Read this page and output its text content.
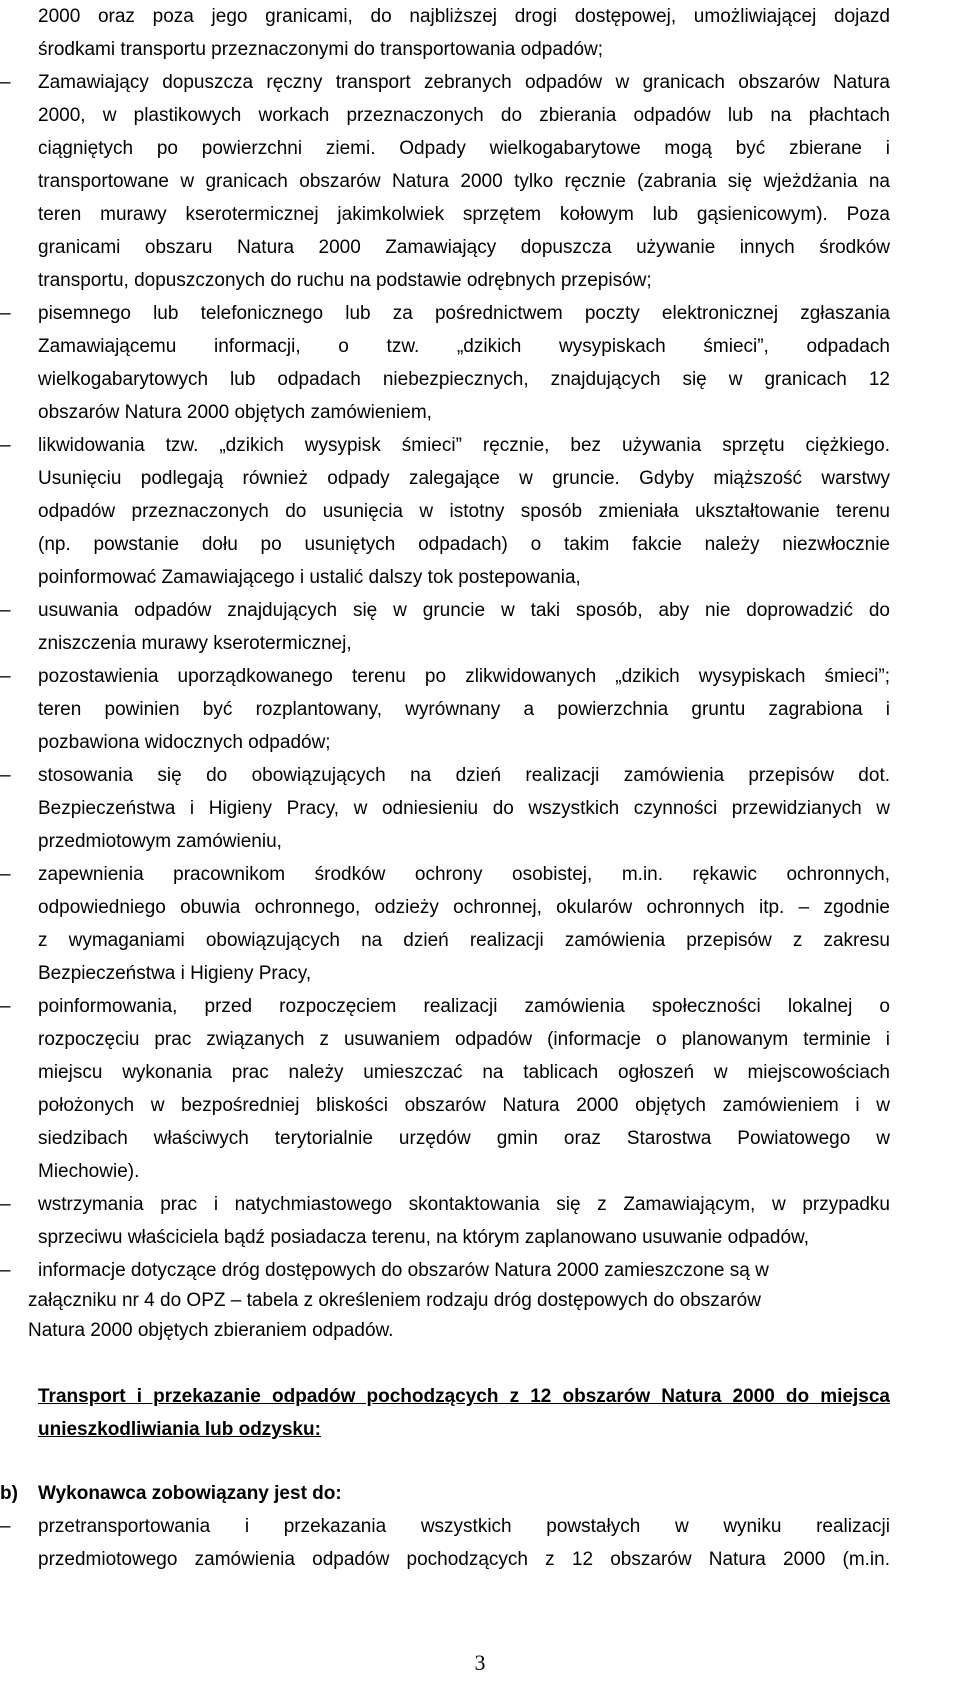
2000 oraz poza jego granicami, do najbliższej drogi dostępowej, umożliwiającej dojazd
środkami transportu przeznaczonymi do transportowania odpadów;
– Zamawiający dopuszcza ręczny transport zebranych odpadów w granicach obszarów Natura
2000, w plastikowych workach przeznaczonych do zbierania odpadów lub na płachtach
ciągniętych po powierzchni ziemi. Odpady wielkogabarytowe mogą być zbierane i
transportowane w granicach obszarów Natura 2000 tylko ręcznie (zabrania się wjeżdżania na
teren murawy kserotermicznej jakimkolwiek sprzętem kołowym lub gąsienicowym). Poza
granicami obszaru Natura 2000 Zamawiający dopuszcza używanie innych środków
transportu, dopuszczonych do ruchu na podstawie odrębnych przepisów;
– pisemnego lub telefonicznego lub za pośrednictwem poczty elektronicznej zgłaszania
Zamawiającemu informacji, o tzw. „dzikich wysypiskach śmieci”, odpadach
wielkogabarytowych lub odpadach niebezpiecznych, znajdujących się w granicach 12
obszarów Natura 2000 objętych zamówieniem,
– likwidowania tzw. „dzikich wysypisk śmieci” ręcznie, bez używania sprzętu ciężkiego.
Usunięciu podlegają również odpady zalegające w gruncie. Gdyby miąższość warstwy
odpadów przeznaczonych do usunięcia w istotny sposób zmieniała ukształtowanie terenu
(np. powstanie dołu po usuniętych odpadach) o takim fakcie należy niezwłocznie
poinformować Zamawiającego i ustalić dalszy tok postepowania,
– usuwania odpadów znajdujących się w gruncie w taki sposób, aby nie doprowadzić do
zniszczenia murawy kserotermicznej,
– pozostawienia uporządkowanego terenu po zlikwidowanych „dzikich wysypiskach śmieci”;
teren powinien być rozplantowany, wyrównany a powierzchnia gruntu zagrabiona i
pozbawiona widocznych odpadów;
– stosowania się do obowiązujących na dzień realizacji zamówienia przepisów dot.
Bezpieczeństwa i Higieny Pracy, w odniesieniu do wszystkich czynności przewidzianych w
przedmiotowym zamówieniu,
– zapewnienia pracownikom środków ochrony osobistej, m.in. rękawic ochronnych,
odpowiedniego obuwia ochronnego, odzieży ochronnej, okularów ochronnych itp. – zgodnie
z wymaganiami obowiązujących na dzień realizacji zamówienia przepisów z zakresu
Bezpieczeństwa i Higieny Pracy,
– poinformowania, przed rozpoczęciem realizacji zamówienia społeczności lokalnej o
rozpoczęciu prac związanych z usuwaniem odpadów (informacje o planowanym terminie i
miejscu wykonania prac należy umieszczać na tablicach ogłoszeń w miejscowościach
położonych w bezpośredniej bliskości obszarów Natura 2000 objętych zamówieniem i w
siedzibach właściwych terytorialnie urzędów gmin oraz Starostwa Powiatowego w
Miechowie).
– wstrzymania prac i natychmiastowego skontaktowania się z Zamawiającym, w przypadku
sprzeciwu właściciela bądź posiadacza terenu, na którym zaplanowano usuwanie odpadów,
– informacje dotyczące dróg dostępowych do obszarów Natura 2000 zamieszczone są w
załączniku nr 4 do OPZ – tabela z określeniem rodzaju dróg dostępowych do obszarów
Natura 2000 objętych zbieraniem odpadów.
Transport i przekazanie odpadów pochodzących z 12 obszarów Natura 2000 do miejsca
unieszkodliwiania lub odzysku:
b) Wykonawca zobowiązany jest do:
– przetransportowania i przekazania wszystkich powstałych w wyniku realizacji
przedmiotowego zamówienia odpadów pochodzących z 12 obszarów Natura 2000 (m.in.
3
